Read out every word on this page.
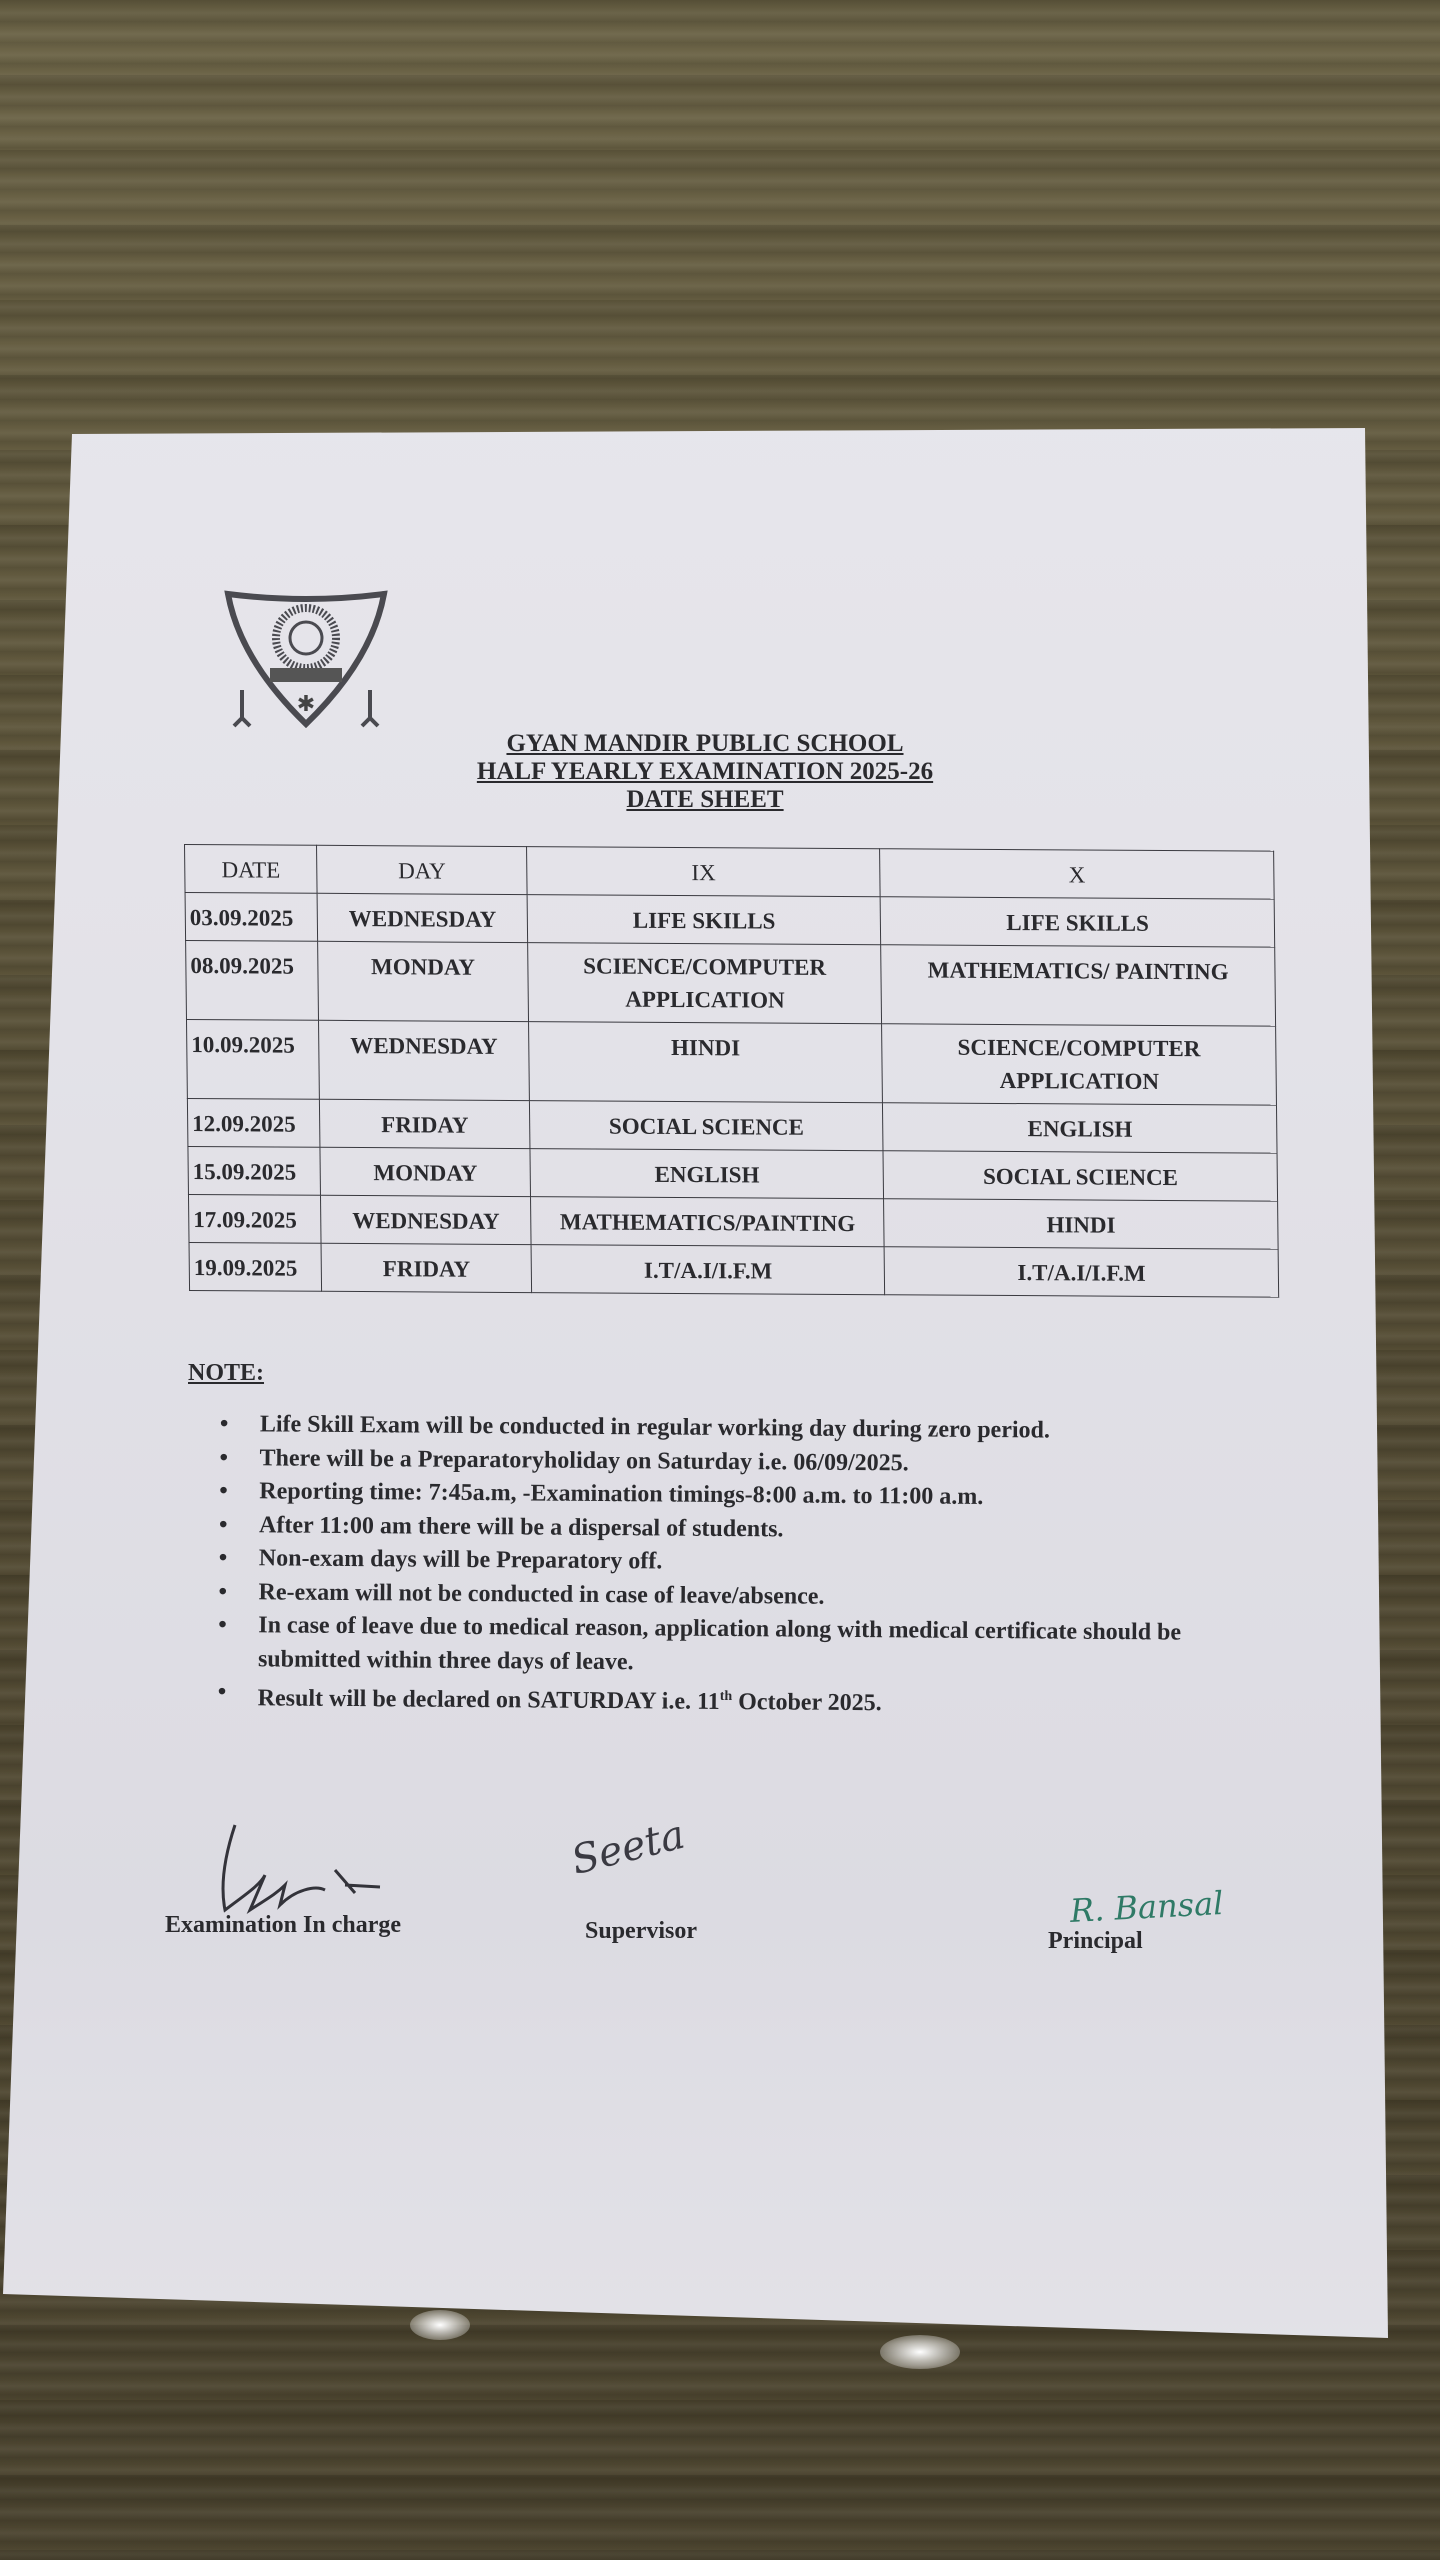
✱
GYAN MANDIR PUBLIC SCHOOL
HALF YEARLY EXAMINATION 2025-26
DATE SHEET
DATE	DAY	IX	X
03.09.2025	WEDNESDAY	LIFE SKILLS	LIFE SKILLS
08.09.2025	MONDAY	SCIENCE/COMPUTER APPLICATION	MATHEMATICS/ PAINTING
10.09.2025	WEDNESDAY	HINDI	SCIENCE/COMPUTER APPLICATION
12.09.2025	FRIDAY	SOCIAL SCIENCE	ENGLISH
15.09.2025	MONDAY	ENGLISH	SOCIAL SCIENCE
17.09.2025	WEDNESDAY	MATHEMATICS/PAINTING	HINDI
19.09.2025	FRIDAY	I.T/A.I/I.F.M	I.T/A.I/I.F.M
NOTE:
• Life Skill Exam will be conducted in regular working day during zero period.
• There will be a Preparatoryholiday on Saturday i.e. 06/09/2025.
• Reporting time: 7:45a.m, -Examination timings-8:00 a.m. to 11:00 a.m.
• After 11:00 am there will be a dispersal of students.
• Non-exam days will be Preparatory off.
• Re-exam will not be conducted in case of leave/absence.
• In case of leave due to medical reason, application along with medical certificate should be submitted within three days of leave.
• Result will be declared on SATURDAY i.e. 11th October 2025.
Seeta
R. Bansal
Examination In charge	Supervisor	Principal
